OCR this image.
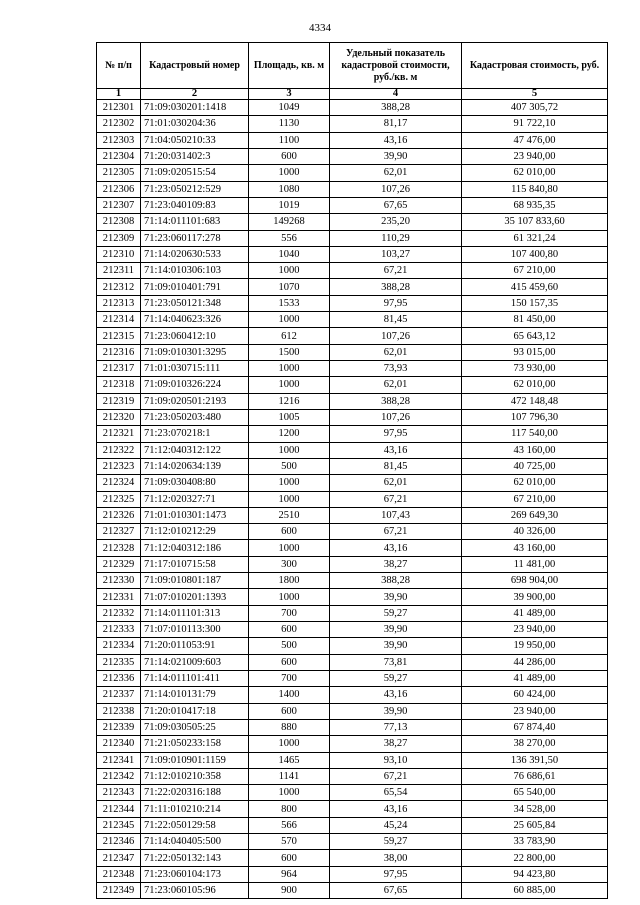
4334
№ п/п	Кадастровый номер	Площадь, кв. м	Удельный показатель кадастровой стоимости, руб./кв. м	Кадастровая стоимость, руб.
1	2	3	4	5
212301	71:09:030201:1418	1049	388,28	407 305,72
212302	71:01:030204:36	1130	81,17	91 722,10
212303	71:04:050210:33	1100	43,16	47 476,00
212304	71:20:031402:3	600	39,90	23 940,00
212305	71:09:020515:54	1000	62,01	62 010,00
212306	71:23:050212:529	1080	107,26	115 840,80
212307	71:23:040109:83	1019	67,65	68 935,35
212308	71:14:011101:683	149268	235,20	35 107 833,60
212309	71:23:060117:278	556	110,29	61 321,24
212310	71:14:020630:533	1040	103,27	107 400,80
212311	71:14:010306:103	1000	67,21	67 210,00
212312	71:09:010401:791	1070	388,28	415 459,60
212313	71:23:050121:348	1533	97,95	150 157,35
212314	71:14:040623:326	1000	81,45	81 450,00
212315	71:23:060412:10	612	107,26	65 643,12
212316	71:09:010301:3295	1500	62,01	93 015,00
212317	71:01:030715:111	1000	73,93	73 930,00
212318	71:09:010326:224	1000	62,01	62 010,00
212319	71:09:020501:2193	1216	388,28	472 148,48
212320	71:23:050203:480	1005	107,26	107 796,30
212321	71:23:070218:1	1200	97,95	117 540,00
212322	71:12:040312:122	1000	43,16	43 160,00
212323	71:14:020634:139	500	81,45	40 725,00
212324	71:09:030408:80	1000	62,01	62 010,00
212325	71:12:020327:71	1000	67,21	67 210,00
212326	71:01:010301:1473	2510	107,43	269 649,30
212327	71:12:010212:29	600	67,21	40 326,00
212328	71:12:040312:186	1000	43,16	43 160,00
212329	71:17:010715:58	300	38,27	11 481,00
212330	71:09:010801:187	1800	388,28	698 904,00
212331	71:07:010201:1393	1000	39,90	39 900,00
212332	71:14:011101:313	700	59,27	41 489,00
212333	71:07:010113:300	600	39,90	23 940,00
212334	71:20:011053:91	500	39,90	19 950,00
212335	71:14:021009:603	600	73,81	44 286,00
212336	71:14:011101:411	700	59,27	41 489,00
212337	71:14:010131:79	1400	43,16	60 424,00
212338	71:20:010417:18	600	39,90	23 940,00
212339	71:09:030505:25	880	77,13	67 874,40
212340	71:21:050233:158	1000	38,27	38 270,00
212341	71:09:010901:1159	1465	93,10	136 391,50
212342	71:12:010210:358	1141	67,21	76 686,61
212343	71:22:020316:188	1000	65,54	65 540,00
212344	71:11:010210:214	800	43,16	34 528,00
212345	71:22:050129:58	566	45,24	25 605,84
212346	71:14:040405:500	570	59,27	33 783,90
212347	71:22:050132:143	600	38,00	22 800,00
212348	71:23:060104:173	964	97,95	94 423,80
212349	71:23:060105:96	900	67,65	60 885,00
